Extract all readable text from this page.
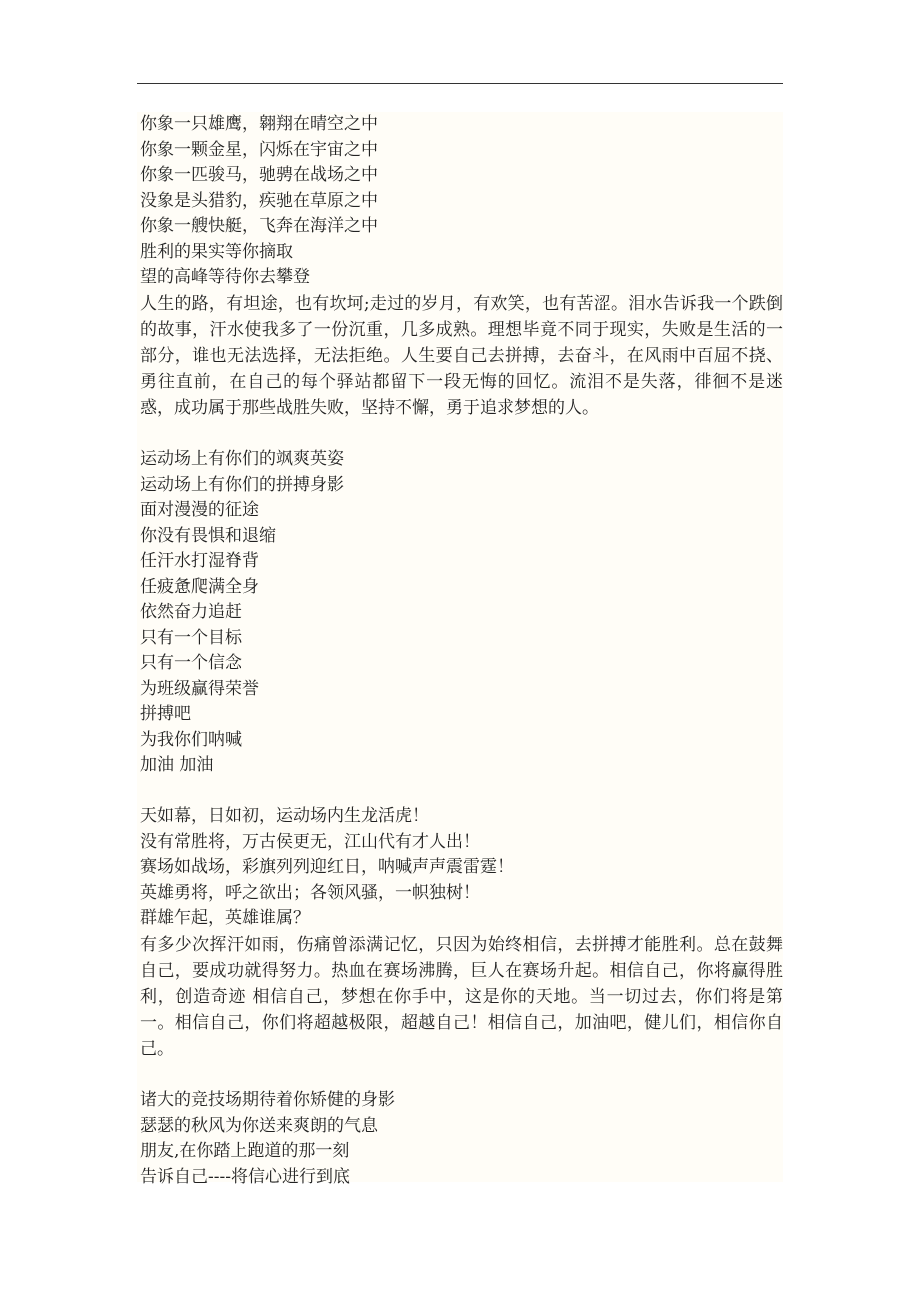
你象一只雄鹰，翱翔在晴空之中

你象一颗金星，闪烁在宇宙之中

你象一匹骏马，驰骋在战场之中

没象是头猎豹，疾驰在草原之中

你象一艘快艇，飞奔在海洋之中

胜利的果实等你摘取

望的高峰等待你去攀登

人生的路，有坦途，也有坎坷;走过的岁月，有欢笑，也有苦涩。泪水告诉我一个跌倒的故事，汗水使我多了一份沉重，几多成熟。理想毕竟不同于现实，失败是生活的一部分，谁也无法选择，无法拒绝。人生要自己去拼搏，去奋斗，在风雨中百屈不挠、勇往直前，在自己的每个驿站都留下一段无悔的回忆。流泪不是失落，徘徊不是迷惑，成功属于那些战胜失败，坚持不懈，勇于追求梦想的人。

运动场上有你们的飒爽英姿

运动场上有你们的拼搏身影

面对漫漫的征途

你没有畏惧和退缩

任汗水打湿脊背

任疲惫爬满全身

依然奋力追赶

只有一个目标

只有一个信念

为班级赢得荣誉

拼搏吧

为我你们呐喊

加油 加油

天如幕，日如初，运动场内生龙活虎！

没有常胜将，万古侯更无，江山代有才人出！

赛场如战场，彩旗列列迎红日，呐喊声声震雷霆！

英雄勇将，呼之欲出；各领风骚，一帜独树！

群雄乍起，英雄谁属？

有多少次挥汗如雨，伤痛曾添满记忆，只因为始终相信，去拼搏才能胜利。总在鼓舞自己，要成功就得努力。热血在赛场沸腾，巨人在赛场升起。相信自己，你将赢得胜利，创造奇迹 相信自己，梦想在你手中，这是你的天地。当一切过去，你们将是第一。相信自己，你们将超越极限，超越自己！相信自己，加油吧，健儿们，相信你自己。

诸大的竞技场期待着你矫健的身影

瑟瑟的秋风为你送来爽朗的气息

朋友,在你踏上跑道的那一刻

告诉自己----将信心进行到底
